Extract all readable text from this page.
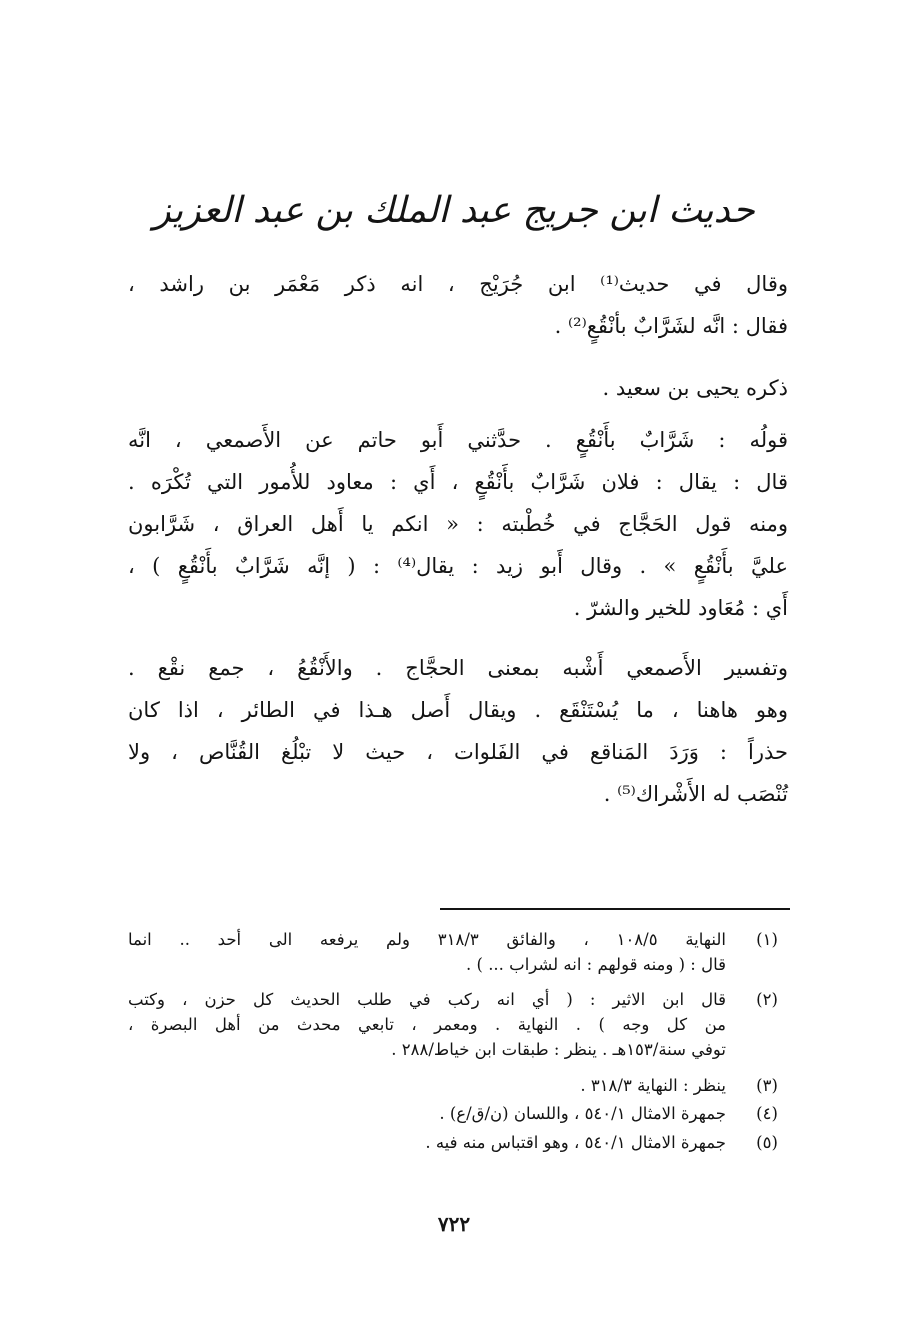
حديث ابن جريج عبد الملك بن عبد العزيز
وقال في حديث⁽¹⁾ ابن جُرَيْج ، انه ذكر مَعْمَر بن راشد ،
فقال : انَّه لشَرَّابٌ بأنْقُعٍ⁽²⁾ .
ذكره يحيى بن سعيد .
قولُه : شَرَّابٌ بأَنْقُعٍ . حدَّثني أَبو حاتم عن الأَصمعي ، انَّه
قال : يقال : فلان شَرَّابٌ بأَنْقُعٍ ، أَي : معاود للأُمور التي تُكْرَه .
ومنه قول الحَجَّاج في خُطْبته : « انكم يا أَهل العراق ، شَرَّابون
عليَّ بأَنْقُعٍ » . وقال أَبو زيد : يقال⁽⁴⁾ : ( إنَّه شَرَّابٌ بأَنْقُعٍ ) ،
أَي : مُعَاود للخير والشرّ .
وتفسير الأَصمعي أَشْبه بمعنى الحجَّاج . والأَنْقُعُ ، جمع نقْع .
وهو هاهنا ، ما يُسْتَنْقَع . ويقال أَصل هـذا في الطائر ، اذا كان
حذراً : وَرَدَ المَناقع في الفَلوات ، حيث لا تبْلُغ القُنَّاص ، ولا
تُنْصَب له الأَشْراك⁽⁵⁾ .
(١)
النهاية ١٠٨/٥ ، والفائق ٣١٨/٣ ولم يرفعه الى أحد .. انما
قال : ( ومنه قولهم : انه لشراب ... ) .
(٢)
قال ابن الاثير : ( أي انه ركب في طلب الحديث كل حزن ، وكتب
من كل وجه ) . النهاية . ومعمر ، تابعي محدث من أهل البصرة ،
توفي سنة/١٥٣هـ . ينظر : طبقات ابن خياط/٢٨٨ .
(٣)
ينظر : النهاية ٣١٨/٣ .
(٤)
جمهرة الامثال ٥٤٠/١ ، واللسان (ن/ق/ع) .
(٥)
جمهرة الامثال ٥٤٠/١ ، وهو اقتباس منه فيه .
٧٢٢
